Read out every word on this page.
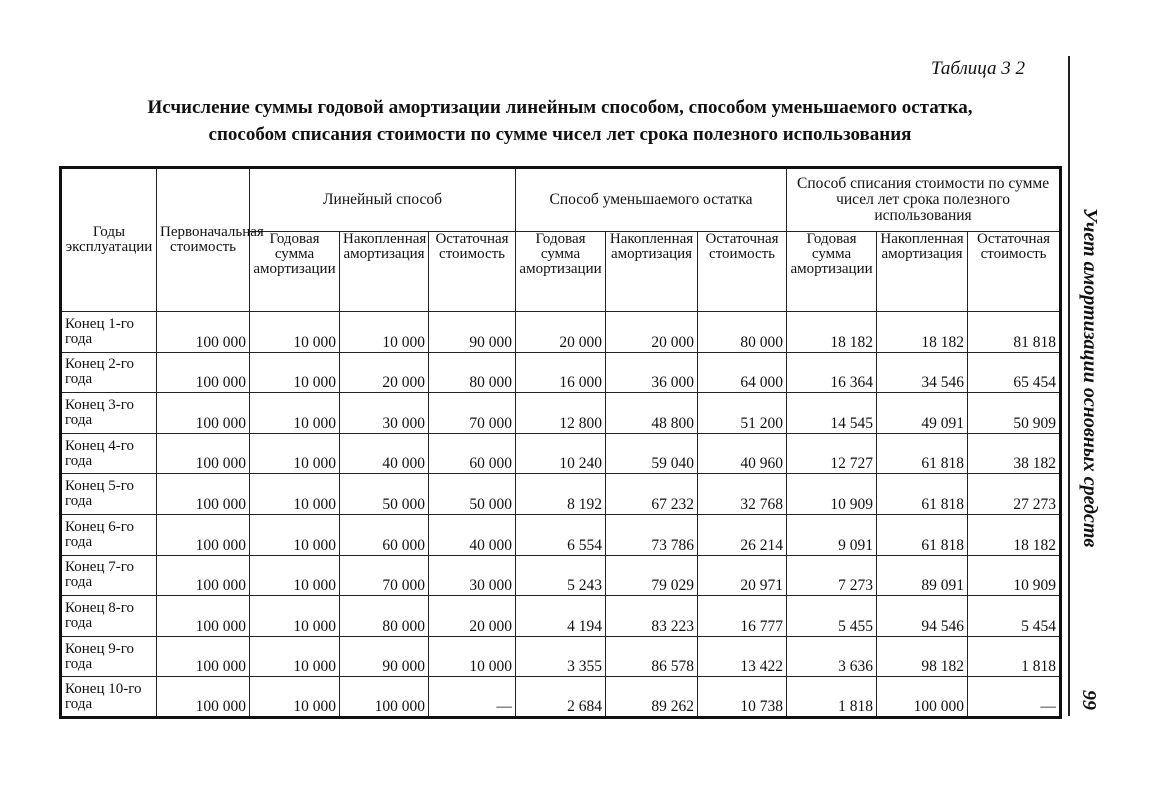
Таблица 3 2
Исчисление суммы годовой амортизации линейным способом, способом уменьшаемого остатка,
способом списания стоимости по сумме чисел лет срока полезного использования
Учет амортизации основных средств
99
Годы эксплуатации	Первоначальная стоимость	Линейный способ			Способ уменьшаемого остатка			Способ списания стоимости по сумме чисел лет срока полезного использования		
		Годовая сумма амортизации	Накопленная амортизация	Остаточная стоимость	Годовая сумма амортизации	Накопленная амортизация	Остаточная стоимость	Годовая сумма амортизации	Накопленная амортизация	Остаточная стоимость
Конец 1-го года	100 000	10 000	10 000	90 000	20 000	20 000	80 000	18 182	18 182	81 818
Конец 2-го года	100 000	10 000	20 000	80 000	16 000	36 000	64 000	16 364	34 546	65 454
Конец 3-го года	100 000	10 000	30 000	70 000	12 800	48 800	51 200	14 545	49 091	50 909
Конец 4-го года	100 000	10 000	40 000	60 000	10 240	59 040	40 960	12 727	61 818	38 182
Конец 5-го года	100 000	10 000	50 000	50 000	8 192	67 232	32 768	10 909	61 818	27 273
Конец 6-го года	100 000	10 000	60 000	40 000	6 554	73 786	26 214	9 091	61 818	18 182
Конец 7-го года	100 000	10 000	70 000	30 000	5 243	79 029	20 971	7 273	89 091	10 909
Конец 8-го года	100 000	10 000	80 000	20 000	4 194	83 223	16 777	5 455	94 546	5 454
Конец 9-го года	100 000	10 000	90 000	10 000	3 355	86 578	13 422	3 636	98 182	1 818
Конец 10-го года	100 000	10 000	100 000	—	2 684	89 262	10 738	1 818	100 000	—
